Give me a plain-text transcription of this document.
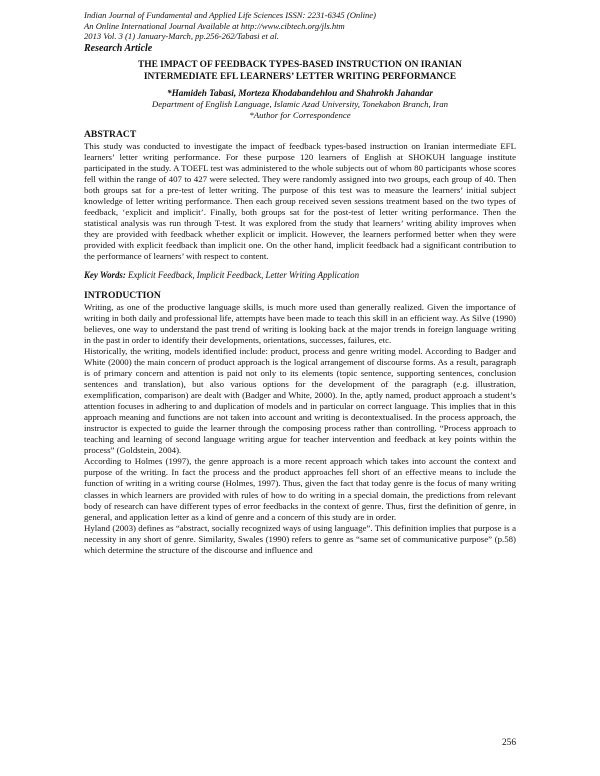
Indian Journal of Fundamental and Applied Life Sciences ISSN: 2231-6345 (Online)
An Online International Journal Available at http://www.cibtech.org/jls.htm
2013 Vol. 3 (1) January-March, pp.256-262/Tabasi et al.
Research Article
THE IMPACT OF FEEDBACK TYPES-BASED INSTRUCTION ON IRANIAN
INTERMEDIATE EFL LEARNERS’ LETTER WRITING PERFORMANCE
*Hamideh Tabasi, Morteza Khodabandehlou and Shahrokh Jahandar
Department of English Language, Islamic Azad University, Tonekabon Branch, Iran
*Author for Correspondence
ABSTRACT

This study was conducted to investigate the impact of feedback types-based instruction on Iranian intermediate EFL learners’ letter writing performance. For these purpose 120 learners of English at SHOKUH language institute participated in the study. A TOEFL test was administered to the whole subjects out of whom 80 participants whose scores fell within the range of 407 to 427 were selected. They were randomly assigned into two groups, each group of 40. Then both groups sat for a pre-test of letter writing. The purpose of this test was to measure the learners’ initial subject knowledge of letter writing performance. Then each group received seven sessions treatment based on the two types of feedback, ‘explicit and implicit’. Finally, both groups sat for the post-test of letter writing performance. Then the statistical analysis was run through T-test. It was explored from the study that learners’ writing ability improves when they are provided with feedback whether explicit or implicit. However, the learners performed better when they were provided with explicit feedback than implicit one. On the other hand, implicit feedback had a significant contribution to the performance of learners’ with respect to content.

Key Words: Explicit Feedback, Implicit Feedback, Letter Writing Application
INTRODUCTION

Writing, as one of the productive language skills, is much more used than generally realized. Given the importance of writing in both daily and professional life, attempts have been made to teach this skill in an efficient way. As Silve (1990) believes, one way to understand the past trend of writing is looking back at the major trends in foreign language writing in the past in order to identify their developments, orientations, successes, failures, etc.

Historically, the writing, models identified include: product, process and genre writing model. According to Badger and White (2000) the main concern of product approach is the logical arrangement of discourse forms. As a result, paragraph is of primary concern and attention is paid not only to its elements (topic sentence, supporting sentences, conclusion sentences and translation), but also various options for the development of the paragraph (e.g. illustration, exemplification, comparison) are dealt with (Badger and White, 2000). In the, aptly named, product approach a student’s attention focuses in adhering to and duplication of models and in particular on correct language. This implies that in this approach meaning and functions are not taken into account and writing is decontextualised. In the process approach, the instructor is expected to guide the learner through the composing process rather than controlling. “Process approach to teaching and learning of second language writing argue for teacher intervention and feedback at key points within the process” (Goldstein, 2004).

According to Holmes (1997), the genre approach is a more recent approach which takes into account the context and purpose of the writing. In fact the process and the product approaches fell short of an effective means to include the function of writing in a writing course (Holmes, 1997). Thus, given the fact that today genre is the focus of many writing classes in which learners are provided with rules of how to do writing in a special domain, the predictions from relevant body of research can have different types of error feedbacks in the context of genre. Thus, first the definition of genre, in general, and application letter as a kind of genre and a concern of this study are in order.

Hyland (2003) defines as “abstract, socially recognized ways of using language”. This definition implies that purpose is a necessity in any short of genre. Similarity, Swales (1990) refers to genre as “same set of communicative purpose” (p.58) which determine the structure of the discourse and influence and

256
